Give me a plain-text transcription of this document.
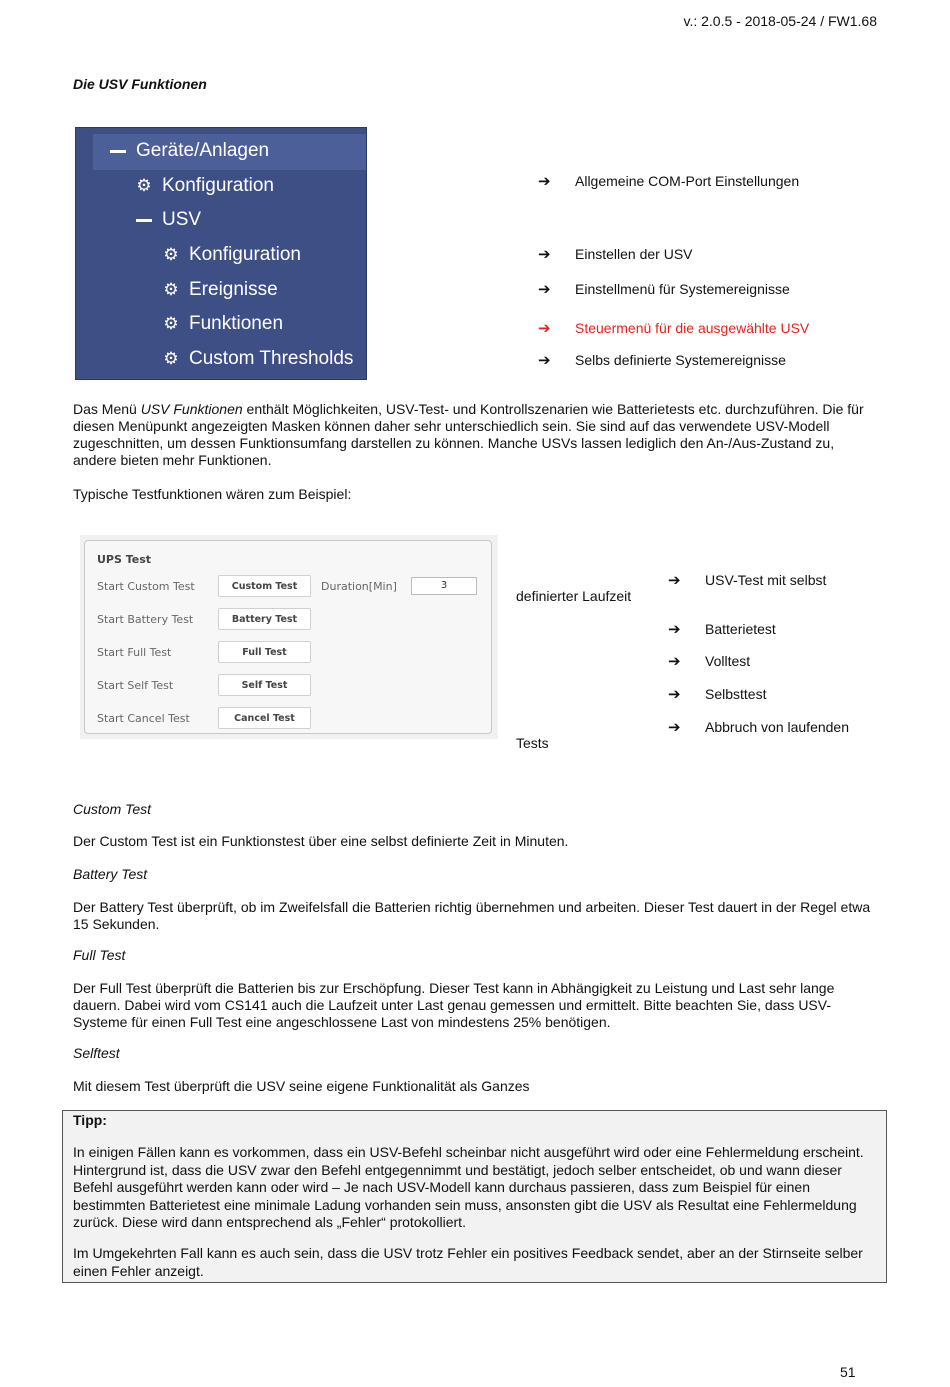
v.: 2.0.5 - 2018-05-24 / FW1.68
Die USV Funktionen
Geräte/Anlagen
⚙ Konfiguration
USV
⚙ Konfiguration
⚙ Ereignisse
⚙ Funktionen
⚙ Custom Thresholds
➔ Allgemeine COM-Port Einstellungen
➔ Einstellen der USV
➔ Einstellmenü für Systemereignisse
➔ Steuermenü für die ausgewählte USV
➔ Selbs definierte Systemereignisse
Das Menü USV Funktionen enthält Möglichkeiten, USV-Test- und Kontrollszenarien wie Batterietests etc. durchzuführen. Die für diesen Menüpunkt angezeigten Masken können daher sehr unterschiedlich sein. Sie sind auf das verwendete USV-Modell zugeschnitten, um dessen Funktionsumfang darstellen zu können. Manche USVs lassen lediglich den An-/Aus-Zustand zu, andere bieten mehr Funktionen.
Typische Testfunktionen wären zum Beispiel:
UPS Test
Start Custom Test	Custom Test	Duration[Min]	3
Start Battery Test	Battery Test
Start Full Test	Full Test
Start Self Test	Self Test
Start Cancel Test	Cancel Test
➔ USV-Test mit selbst
definierter Laufzeit
➔ Batterietest
➔ Volltest
➔ Selbsttest
➔ Abbruch von laufenden
Tests
Custom Test
Der Custom Test ist ein Funktionstest über eine selbst definierte Zeit in Minuten.
Battery Test
Der Battery Test überprüft, ob im Zweifelsfall die Batterien richtig übernehmen und arbeiten. Dieser Test dauert in der Regel etwa 15 Sekunden.
Full Test
Der Full Test überprüft die Batterien bis zur Erschöpfung. Dieser Test kann in Abhängigkeit zu Leistung und Last sehr lange dauern. Dabei wird vom CS141 auch die Laufzeit unter Last genau gemessen und ermittelt. Bitte beachten Sie, dass USV-Systeme für einen Full Test eine angeschlossene Last von mindestens 25% benötigen.
Selftest
Mit diesem Test überprüft die USV seine eigene Funktionalität als Ganzes
Tipp:
In einigen Fällen kann es vorkommen, dass ein USV-Befehl scheinbar nicht ausgeführt wird oder eine Fehlermeldung erscheint. Hintergrund ist, dass die USV zwar den Befehl entgegennimmt und bestätigt, jedoch selber entscheidet, ob und wann dieser Befehl ausgeführt werden kann oder wird – Je nach USV-Modell kann durchaus passieren, dass zum Beispiel für einen bestimmten Batterietest eine minimale Ladung vorhanden sein muss, ansonsten gibt die USV als Resultat eine Fehlermeldung zurück. Diese wird dann entsprechend als „Fehler“ protokolliert.
Im Umgekehrten Fall kann es auch sein, dass die USV trotz Fehler ein positives Feedback sendet, aber an der Stirnseite selber einen Fehler anzeigt.
51
